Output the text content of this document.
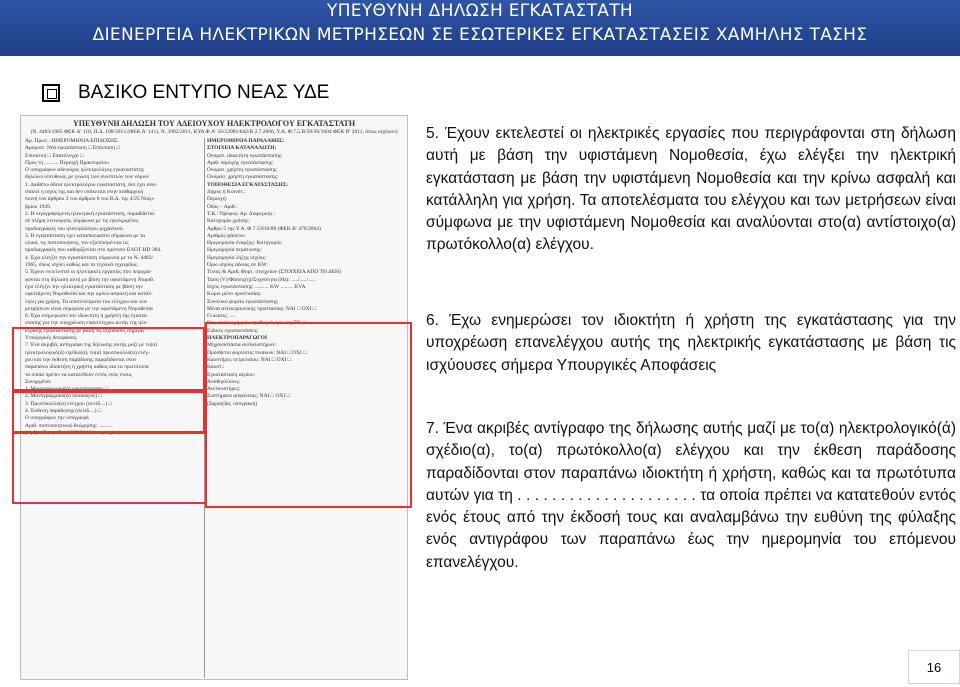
ΥΠΕΥΘΥΝΗ ΔΗΛΩΣΗ ΕΓΚΑΤΑΣΤΑΤΗ
ΔΙΕΝΕΡΓΕΙΑ ΗΛΕΚΤΡΙΚΩΝ ΜΕΤΡΗΣΕΩΝ ΣΕ ΕΣΩΤΕΡΙΚΕΣ ΕΓΚΑΤΑΣΤΑΣΕΙΣ ΧΑΜΗΛΗΣ ΤΑΣΗΣ
ΒΑΣΙΚΟ ΕΝΤΥΠΟ ΝΕΑΣ ΥΔΕ
ΥΠΕΥΘΥΝΗ ΔΗΛΩΣΗ ΤΟΥ ΑΔΕΙΟΥΧΟΥ ΗΛΕΚΤΡΟΛΟΓΟΥ ΕΓΚΑΤΑΣΤΑΤΗ
(Ν. 4483/1965 ΦΕΚ Α' 118, Π.Δ. 108/2013 (ΦΕΚ Α' 141), Ν. 3982/2011, ΚΥΑ Φ.Α' 50/12081/642/Β 2.7.2006, Υ.Α. Φ.7.5.Β/50/30/1604 ΦΕΚ Β' 2011, όπως ισχύουν)
Αρ. Πρωτ.: ΗΜΕΡΟΜΗΝΙΑ ΕΠΙΔΟΣΗΣ:
Αρόρισε: Νέα εγκατάσταση □ Επέκταση □
Επισκευή □ Επανέλεγχο □
Προς τη .......... Περιοχή Πρακτορείου
Ο υπογράφων αδειούχος ηλεκτρολόγος εγκαταστάτης
δηλώνω υπεύθυνα, με γνώση των συνεπειών των νόμων
1. Διαθέτω άδεια ηλεκτρολόγου εγκαταστάτη, δεν έχει ανα-
σταλεί η ισχύς της και δεν υπόκειται στην πειθαρχική
ποινή του άρθρου 3 του άρθρου 6 του Β.Δ. της 4/25 Νοεμ-
βρίου 1949.
2. Η περιγραφόμενη ηλεκτρική εγκατάσταση, παραδίδεται
σε πλήρη λειτουργία, σύμφωνα με τις εγκεκριμένες
προδιαγραφές του ηλεκτρολόγου μηχανικού.
3. Η εγκατάσταση έχει κατασκευαστεί σύμφωνα με τα
υλικά, τις πιστοποιήσεις, τον εξοπλισμό και τις
προδιαγραφές που καθορίζονται στο πρότυπο ΕΛΟΤ HD 384.
4. Έχω ελέγξει την εγκατάσταση σύμφωνα με το Ν. 4483/
1965, όπως ισχύει καθώς και τα τεχνικά εγχειρίδια.
5. Έχουν εκτελεστεί οι ηλεκτρικές εργασίες που περιγρά-
φονται στη δήλωση αυτή με βάση την υφιστάμενη Νομοθ.
έχω ελέγξει την ηλεκτρική εγκατάσταση με βάση την
υφιστάμενη Νομοθεσία και την κρίνω ασφαλή και κατάλ-
ληλη για χρήση. Τα αποτελέσματα του ελέγχου και των
μετρήσεων είναι σύμφωνα με την υφιστάμενη Νομοθεσία
6. Έχω ενημερώσει τον ιδιοκτήτη ή χρήστη της εγκατά-
στασης για την υποχρέωση επανελέγχου αυτής της ηλε-
κτρικής εγκατάστασης με βάση τις ισχύουσες σήμερα
Υπουργικές Αποφάσεις
7. Ένα ακριβές αντίγραφο της δήλωσης αυτής μαζί με το(α)
ηλεκτρολογικό(ά) σχέδιο(α), το(α) πρωτόκολλο(α) ελέγ-
χου και την έκθεση παράδοσης παραδίδονται στον
παραπάνω ιδιοκτήτη ή χρήστη καθώς και τα πρωτότυπα
τα οποία πρέπει να κατατεθούν εντός ενός έτους
Συνημμένα:
1. Μονογραμμικό(ά) εγκατάστασης □
2. Μονογραμμικό(ά) πίνακα(ων) □
3. Πρωτόκολλο(α) ελέγχου (σελίδ....) □
4. Έκθεση παράδοσης (σελίδ....) □
Ο υπογράφων την υπογραφή
Αριθ. πιστοποιητικού θεώρησης: ..........
(Αρθρο 7 παρ. 5 ν. 3982/2011 όπως ισχύει)
ΗΜΕΡΟΜΗΝΙΑ ΠΑΡΑΛΑΒΗΣ:
ΣΤΟΙΧΕΙΑ ΚΑΤΑΝΑΛΩΤΗ:
Ονοματ. ιδιοκτήτη εγκατάστασης:
Αριθ. παροχής εγκατάστασης:
Ονοματ. χρήστη εγκατάστασης:
Ονομασ. χρήστη εγκατάστασης:
ΤΟΠΟΘΕΣΙΑ ΕΓΚΑΤΑΣΤΑΣΗΣ:
Δήμος ή Κοινότ.:
Περιοχή:
Οδός – Αριθ.:
Τ.Κ.: Όροφος: Αρ. Διαμερισμ.:
Κατηγορία χρήσης:
Αρθρο 5 της Υ.Α. Φ.7.5/816/88 (ΦΕΚ Β' 470/2004)
Αριθμός φάσεων:
Ημερομηνία έναρξης: Κατηγορία:
Ημερομηνία περάτωσης:
Ημερομηνία λήξης ισχύος:
Όριο ισχύος άδειας σε KW:
Τύπος & Αριθ. Φορτ. στοιχείων (ΣΤΟΙΧΕΙΑ ΑΠΟ ΤΗ ΔΕΗ)
Ταση (V)/Φάσεις(η)/Συχνότητα (Hz): ...../...../.....
Ισχύς εγκατάστασης: .......... KW ......... KVA
Κύριο μέσο προστασίας:
Συνολικό φορτίο εγκατάστασης:
Μέσα αντικεραυνικής προστασίας: ΝΑΙ □ ΟΧΙ □
Γειώσεις: ....
Γεν. αυτόνομη γείωση: Θεμελ./γείωση/ΤΝ □
Ειδικές εγκαταστάσεις:
ΗΛΕΚΤΡΟΠΑΡΑΓΩΓΟΙ
Μηχανοστάσια ανελκυστήρων:
Πρόσθετοι φορτίσεις πινάκων: ΝΑΙ □ ΟΧΙ □
Καυστήρες πετρελαίου: ΝΑΙ □ ΟΧΙ □
Καυστ.:
Εγκατάσταση αερίου:
Αποθηκεύσεις:
Ανελκυστήρες:
Συστήματα ασφαλείας: ΝΑΙ □ ΟΧΙ □
(Σφραγίδα, υπογραφή)
5. Έχουν εκτελεστεί οι ηλεκτρικές εργασίες που περιγράφονται στη δήλωση αυτή με βάση την υφιστάμενη Νομοθεσία, έχω ελέγξει την ηλεκτρική εγκατάσταση με βάση την υφιστάμενη Νομοθεσία και την κρίνω ασφαλή και κατάλληλη για χρήση. Τα αποτελέσματα του ελέγχου και των μετρήσεων είναι σύμφωνα με την υφιστάμενη Νομοθεσία και αναλύονται στο(α) αντίστοιχο(α) πρωτόκολλο(α) ελέγχου.
6. Έχω ενημερώσει τον ιδιοκτήτη ή χρήστη της εγκατάστασης για την υποχρέωση επανελέγχου αυτής της ηλεκτρικής εγκατάστασης με βάση τις ισχύουσες σήμερα Υπουργικές Αποφάσεις
7. Ένα ακριβές αντίγραφο της δήλωσης αυτής μαζί με το(α) ηλεκτρολογικό(ά) σχέδιο(α), το(α) πρωτόκολλο(α) ελέγχου και την έκθεση παράδοσης παραδίδονται στον παραπάνω ιδιοκτήτη ή χρήστη, καθώς και τα πρωτότυπα αυτών για τη . . . . . . . . . . . . . . . . . . . . . τα οποία πρέπει να κατατεθούν εντός ενός έτους από την έκδοσή τους και αναλαμβάνω την ευθύνη της φύλαξης ενός αντιγράφου των παραπάνω έως την ημερομηνία του επόμενου επανελέγχου.
16
